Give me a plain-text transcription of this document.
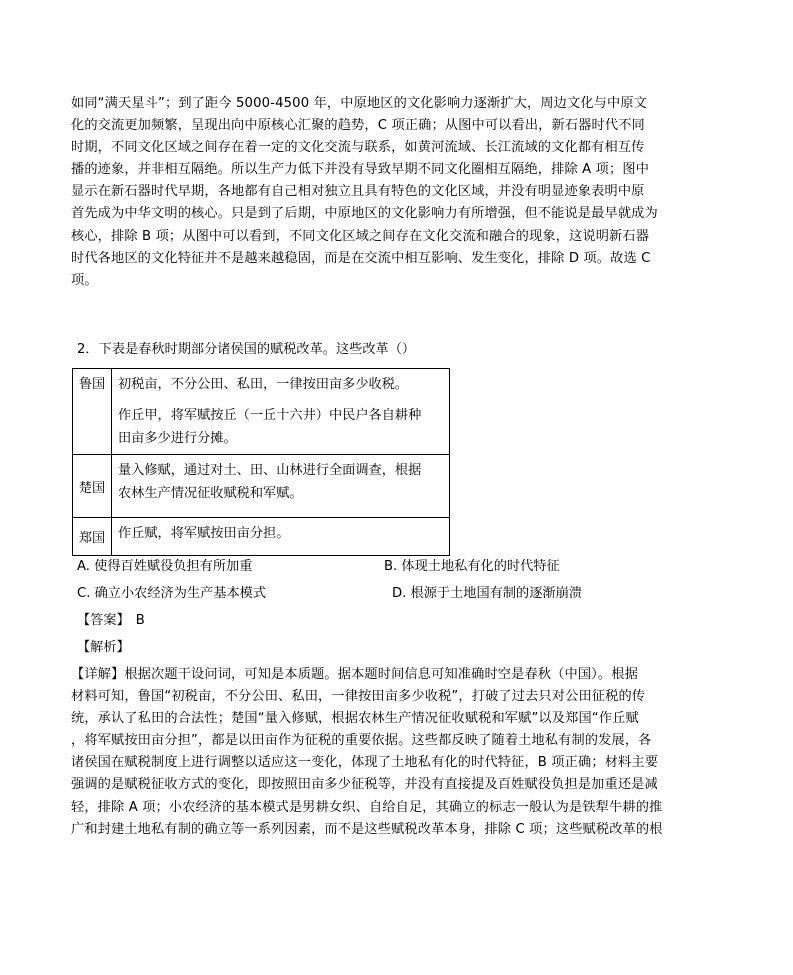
如同“满天星斗”；到了距今 5000-4500 年，中原地区的文化影响力逐渐扩大，周边文化与中原文
化的交流更加频繁，呈现出向中原核心汇聚的趋势，C 项正确；从图中可以看出，新石器时代不同
时期，不同文化区域之间存在着一定的文化交流与联系，如黄河流域、长江流域的文化都有相互传
播的迹象，并非相互隔绝。所以生产力低下并没有导致早期不同文化圈相互隔绝，排除 A 项；图中
显示在新石器时代早期，各地都有自己相对独立且具有特色的文化区域，并没有明显迹象表明中原
首先成为中华文明的核心。只是到了后期，中原地区的文化影响力有所增强，但不能说是最早就成为
核心，排除 B 项；从图中可以看到，不同文化区域之间存在文化交流和融合的现象，这说明新石器
时代各地区的文化特征并不是越来越稳固，而是在交流中相互影响、发生变化，排除 D 项。故选 C
项。
2．下表是春秋时期部分诸侯国的赋税改革。这些改革（）
鲁国	初税亩，不分公田、私田，一律按田亩多少收税。
作丘甲，将军赋按丘（一丘十六井）中民户各自耕种
田亩多少进行分摊。

楚国	量入修赋，通过对土、田、山林进行全面调查，根据
农林生产情况征收赋税和军赋。

郑国	作丘赋，将军赋按田亩分担。
A. 使得百姓赋役负担有所加重	B. 体现土地私有化的时代特征
C. 确立小农经济为生产基本模式	D. 根源于土地国有制的逐渐崩溃
【答案】 B
【解析】
【详解】根据次题干设问词，可知是本质题。据本题时间信息可知准确时空是春秋（中国）。根据
材料可知，鲁国“初税亩，不分公田、私田，一律按田亩多少收税”，打破了过去只对公田征税的传
统，承认了私田的合法性；楚国“量入修赋，根据农林生产情况征收赋税和军赋”以及郑国“作丘赋
，将军赋按田亩分担”，都是以田亩作为征税的重要依据。这些都反映了随着土地私有制的发展，各
诸侯国在赋税制度上进行调整以适应这一变化，体现了土地私有化的时代特征，B 项正确；材料主要
强调的是赋税征收方式的变化，即按照田亩多少征税等，并没有直接提及百姓赋役负担是加重还是减
轻，排除 A 项；小农经济的基本模式是男耕女织、自给自足，其确立的标志一般认为是铁犁牛耕的推
广和封建土地私有制的确立等一系列因素，而不是这些赋税改革本身，排除 C 项；这些赋税改革的根
